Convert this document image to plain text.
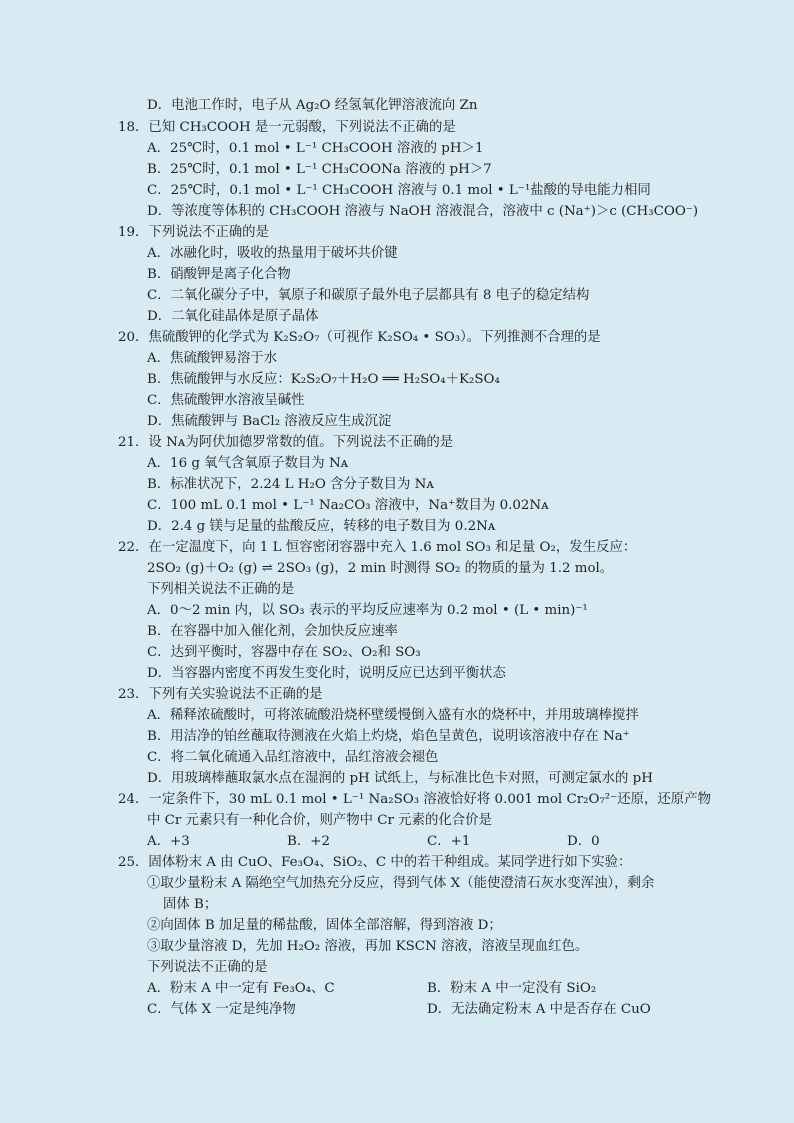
D．电池工作时，电子从 Ag₂O 经氢氧化钾溶液流向 Zn
18．已知 CH₃COOH 是一元弱酸，下列说法不正确的是
A．25℃时，0.1 mol • L⁻¹ CH₃COOH 溶液的 pH＞1
B．25℃时，0.1 mol • L⁻¹ CH₃COONa 溶液的 pH＞7
C．25℃时，0.1 mol • L⁻¹ CH₃COOH 溶液与 0.1 mol • L⁻¹盐酸的导电能力相同
D．等浓度等体积的 CH₃COOH 溶液与 NaOH 溶液混合，溶液中 c (Na⁺)＞c (CH₃COO⁻)
19．下列说法不正确的是
A．冰融化时，吸收的热量用于破坏共价键
B．硝酸钾是离子化合物
C．二氧化碳分子中，氧原子和碳原子最外电子层都具有 8 电子的稳定结构
D．二氧化硅晶体是原子晶体
20．焦硫酸钾的化学式为 K₂S₂O₇（可视作 K₂SO₄ • SO₃）。下列推测不合理的是
A．焦硫酸钾易溶于水
B．焦硫酸钾与水反应：K₂S₂O₇＋H₂O ══ H₂SO₄＋K₂SO₄
C．焦硫酸钾水溶液呈碱性
D．焦硫酸钾与 BaCl₂ 溶液反应生成沉淀
21．设 Nᴀ为阿伏加德罗常数的值。下列说法不正确的是
A．16 g 氧气含氧原子数目为 Nᴀ
B．标准状况下，2.24 L H₂O 含分子数目为 Nᴀ
C．100 mL 0.1 mol • L⁻¹ Na₂CO₃ 溶液中，Na⁺数目为 0.02Nᴀ
D．2.4 g 镁与足量的盐酸反应，转移的电子数目为 0.2Nᴀ
22．在一定温度下，向 1 L 恒容密闭容器中充入 1.6 mol SO₃ 和足量 O₂，发生反应：
2SO₂ (g)＋O₂ (g) ⇌ 2SO₃ (g)，2 min 时测得 SO₂ 的物质的量为 1.2 mol。
下列相关说法不正确的是
A．0～2 min 内，以 SO₃ 表示的平均反应速率为 0.2 mol • (L • min)⁻¹
B．在容器中加入催化剂，会加快反应速率
C．达到平衡时，容器中存在 SO₂、O₂和 SO₃
D．当容器内密度不再发生变化时，说明反应已达到平衡状态
23．下列有关实验说法不正确的是
A．稀释浓硫酸时，可将浓硫酸沿烧杯壁缓慢倒入盛有水的烧杯中，并用玻璃棒搅拌
B．用洁净的铂丝蘸取待测液在火焰上灼烧，焰色呈黄色，说明该溶液中存在 Na⁺
C．将二氧化硫通入品红溶液中，品红溶液会褪色
D．用玻璃棒蘸取氯水点在湿润的 pH 试纸上，与标准比色卡对照，可测定氯水的 pH
24．一定条件下，30 mL 0.1 mol • L⁻¹ Na₂SO₃ 溶液恰好将 0.001 mol Cr₂O₇²⁻还原，还原产物
中 Cr 元素只有一种化合价，则产物中 Cr 元素的化合价是
25．固体粉末 A 由 CuO、Fe₃O₄、SiO₂、C 中的若干种组成。某同学进行如下实验：
①取少量粉末 A 隔绝空气加热充分反应，得到气体 X（能使澄清石灰水变浑浊），剩余
固体 B；
②向固体 B 加足量的稀盐酸，固体全部溶解，得到溶液 D；
③取少量溶液 D，先加 H₂O₂ 溶液，再加 KSCN 溶液，溶液呈现血红色。
下列说法不正确的是
A．+3	B．+2	C．+1	D．0
A．粉末 A 中一定有 Fe₃O₄、C	B．粉末 A 中一定没有 SiO₂
C．气体 X 一定是纯净物	D．无法确定粉末 A 中是否存在 CuO
